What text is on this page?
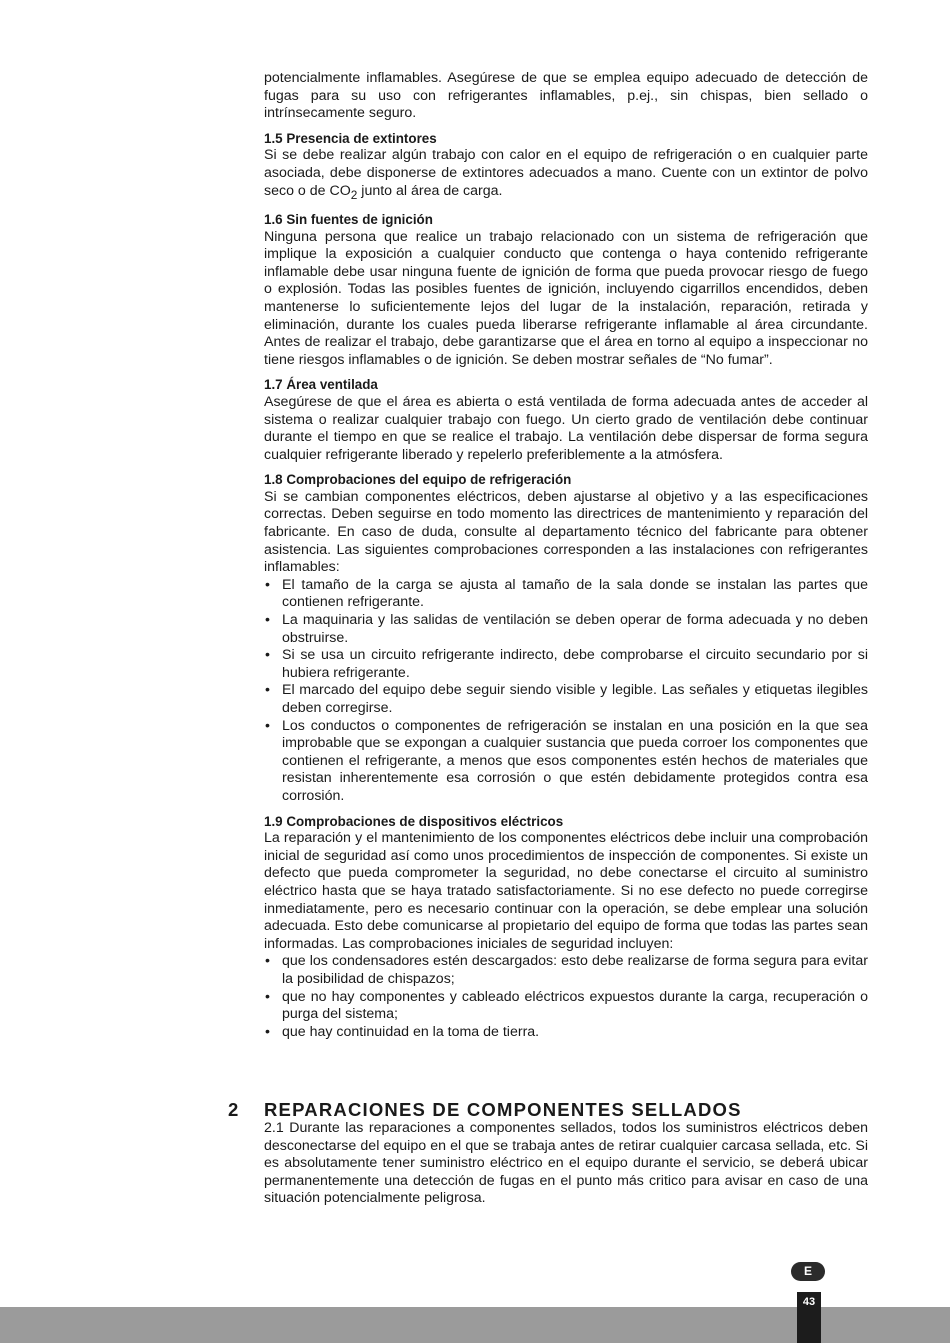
potencialmente inflamables. Asegúrese de que se emplea equipo adecuado de detección de fugas para su uso con refrigerantes inflamables, p.ej., sin chispas, bien sellado o intrínsecamente seguro.

1.5 Presencia de extintores

Si se debe realizar algún trabajo con calor en el equipo de refrigeración o en cualquier parte asociada, debe disponerse de extintores adecuados a mano. Cuente con un extintor de polvo seco o de $CO_2$ junto al área de carga.

1.6 Sin fuentes de ignición

Ninguna persona que realice un trabajo relacionado con un sistema de refrigeración que implique la exposición a cualquier conducto que contenga o haya contenido refrigerante inflamable debe usar ninguna fuente de ignición de forma que pueda provocar riesgo de fuego o explosión. Todas las posibles fuentes de ignición, incluyendo cigarrillos encendidos, deben mantenerse lo suficientemente lejos del lugar de la instalación, reparación, retirada y eliminación, durante los cuales pueda liberarse refrigerante inflamable al área circundante. Antes de realizar el trabajo, debe garantizarse que el área en torno al equipo a inspeccionar no tiene riesgos inflamables o de ignición. Se deben mostrar señales de “No fumar”.

1.7 Área ventilada

Asegúrese de que el área es abierta o está ventilada de forma adecuada antes de acceder al sistema o realizar cualquier trabajo con fuego. Un cierto grado de ventilación debe continuar durante el tiempo en que se realice el trabajo. La ventilación debe dispersar de forma segura cualquier refrigerante liberado y repelerlo preferiblemente a la atmósfera.

1.8 Comprobaciones del equipo de refrigeración

Si se cambian componentes eléctricos, deben ajustarse al objetivo y a las especificaciones correctas. Deben seguirse en todo momento las directrices de mantenimiento y reparación del fabricante. En caso de duda, consulte al departamento técnico del fabricante para obtener asistencia. Las siguientes comprobaciones corresponden a las instalaciones con refrigerantes inflamables:

• El tamaño de la carga se ajusta al tamaño de la sala donde se instalan las partes que contienen refrigerante.
• La maquinaria y las salidas de ventilación se deben operar de forma adecuada y no deben obstruirse.
• Si se usa un circuito refrigerante indirecto, debe comprobarse el circuito secundario por si hubiera refrigerante.
• El marcado del equipo debe seguir siendo visible y legible. Las señales y etiquetas ilegibles deben corregirse.
• Los conductos o componentes de refrigeración se instalan en una posición en la que sea improbable que se expongan a cualquier sustancia que pueda corroer los componentes que contienen el refrigerante, a menos que esos componentes estén hechos de materiales que resistan inherentemente esa corrosión o que estén debidamente protegidos contra esa corrosión.

1.9 Comprobaciones de dispositivos eléctricos

La reparación y el mantenimiento de los componentes eléctricos debe incluir una comprobación inicial de seguridad así como unos procedimientos de inspección de componentes. Si existe un defecto que pueda comprometer la seguridad, no debe conectarse el circuito al suministro eléctrico hasta que se haya tratado satisfactoriamente. Si no ese defecto no puede corregirse inmediatamente, pero es necesario continuar con la operación, se debe emplear una solución adecuada. Esto debe comunicarse al propietario del equipo de forma que todas las partes sean informadas. Las comprobaciones iniciales de seguridad incluyen:

• que los condensadores estén descargados: esto debe realizarse de forma segura para evitar la posibilidad de chispazos;
• que no hay componentes y cableado eléctricos expuestos durante la carga, recuperación o purga del sistema;
• que hay continuidad en la toma de tierra.
2 REPARACIONES DE COMPONENTES SELLADOS

2.1 Durante las reparaciones a componentes sellados, todos los suministros eléctricos deben desconectarse del equipo en el que se trabaja antes de retirar cualquier carcasa sellada, etc. Si es absolutamente tener suministro eléctrico en el equipo durante el servicio, se deberá ubicar permanentemente una detección de fugas en el punto más critico para avisar en caso de una situación potencialmente peligrosa.

E
43
